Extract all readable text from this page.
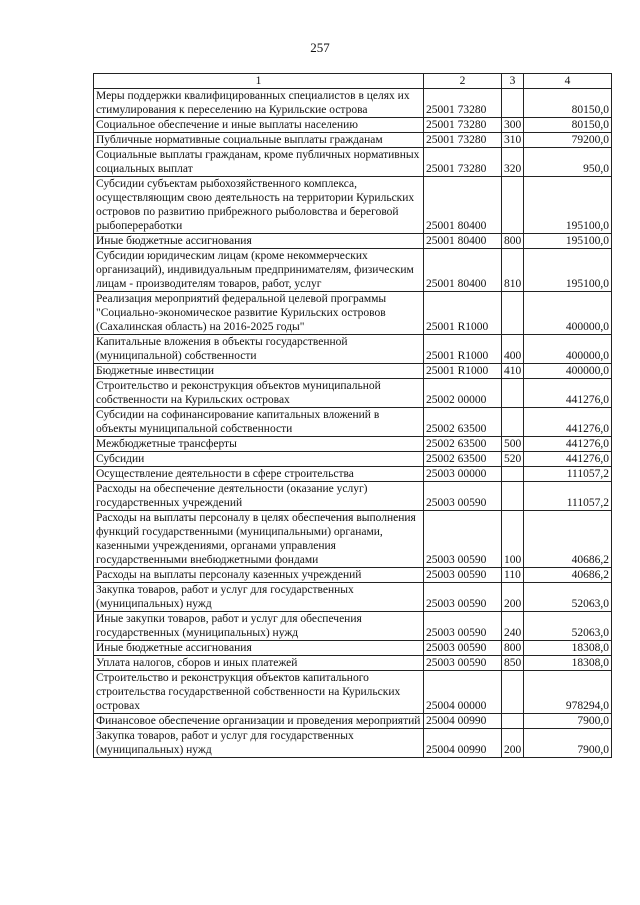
257
1	2	3	4
Меры поддержки квалифицированных специалистов в целях их стимулирования к переселению на Курильские острова	25001 73280		80150,0
Социальное обеспечение и иные выплаты населению	25001 73280	300	80150,0
Публичные нормативные социальные выплаты гражданам	25001 73280	310	79200,0
Социальные выплаты гражданам, кроме публичных нормативных социальных выплат	25001 73280	320	950,0
Субсидии субъектам рыбохозяйственного комплекса, осуществляющим свою деятельность на территории Курильских островов по развитию прибрежного рыболовства и береговой рыбопереработки	25001 80400		195100,0
Иные бюджетные ассигнования	25001 80400	800	195100,0
Субсидии юридическим лицам (кроме некоммерческих организаций), индивидуальным предпринимателям, физическим лицам - производителям товаров, работ, услуг	25001 80400	810	195100,0
Реализация мероприятий федеральной целевой программы "Социально-экономическое развитие Курильских островов (Сахалинская область) на 2016-2025 годы"	25001 R1000		400000,0
Капитальные вложения в объекты государственной (муниципальной) собственности	25001 R1000	400	400000,0
Бюджетные инвестиции	25001 R1000	410	400000,0
Строительство и реконструкция объектов муниципальной собственности на Курильских островах	25002 00000		441276,0
Субсидии на софинансирование капитальных вложений в объекты муниципальной собственности	25002 63500		441276,0
Межбюджетные трансферты	25002 63500	500	441276,0
Субсидии	25002 63500	520	441276,0
Осуществление деятельности в сфере строительства	25003 00000		111057,2
Расходы на обеспечение деятельности (оказание услуг) государственных учреждений	25003 00590		111057,2
Расходы на выплаты персоналу в целях обеспечения выполнения функций государственными (муниципальными) органами, казенными учреждениями, органами управления государственными внебюджетными фондами	25003 00590	100	40686,2
Расходы на выплаты персоналу казенных учреждений	25003 00590	110	40686,2
Закупка товаров, работ и услуг для государственных (муниципальных) нужд	25003 00590	200	52063,0
Иные закупки товаров, работ и услуг для обеспечения государственных (муниципальных) нужд	25003 00590	240	52063,0
Иные бюджетные ассигнования	25003 00590	800	18308,0
Уплата налогов, сборов и иных платежей	25003 00590	850	18308,0
Строительство и реконструкция объектов капитального строительства государственной собственности на Курильских островах	25004 00000		978294,0
Финансовое обеспечение организации и проведения мероприятий	25004 00990		7900,0
Закупка товаров, работ и услуг для государственных (муниципальных) нужд	25004 00990	200	7900,0
